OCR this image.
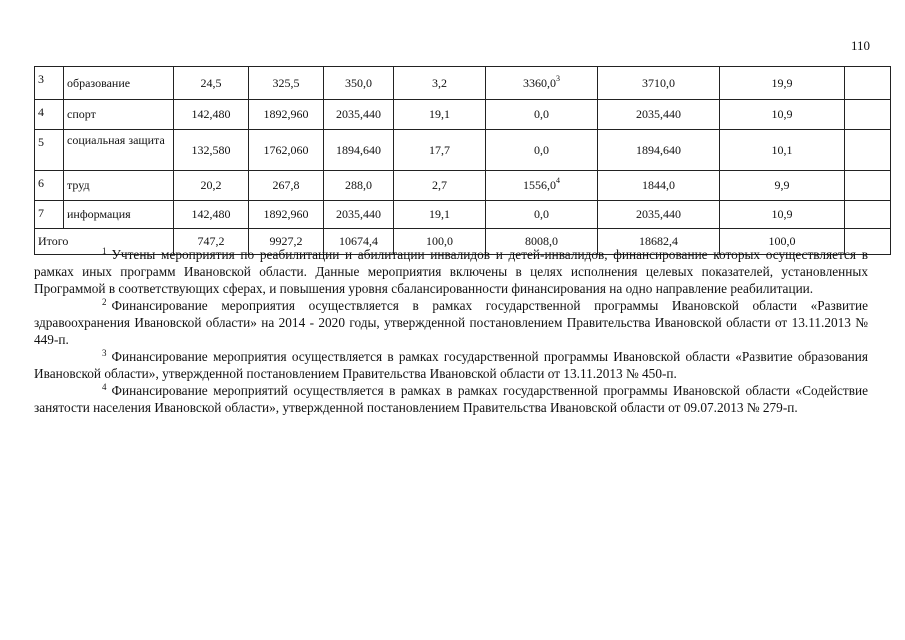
110
3	образование	24,5	325,5	350,0	3,2	3360,0$^3$	3710,0	19,9	
4	спорт	142,480	1892,960	2035,440	19,1	0,0	2035,440	10,9	
5	социальная защита	132,580	1762,060	1894,640	17,7	0,0	1894,640	10,1	
6	труд	20,2	267,8	288,0	2,7	1556,0$^4$	1844,0	9,9	
7	информация	142,480	1892,960	2035,440	19,1	0,0	2035,440	10,9	
Итого		747,2	9927,2	10674,4	100,0	8008,0	18682,4	100,0	

$^1$ Учтены мероприятия по реабилитации и абилитации инвалидов и детей-инвалидов, финансирование которых осуществляется в рамках иных программ Ивановской области. Данные мероприятия включены в целях исполнения целевых показателей, установленных Программой в соответствующих сферах, и повышения уровня сбалансированности финансирования на одно направление реабилитации.

$^2$ Финансирование мероприятия осуществляется в рамках государственной программы Ивановской области «Развитие здравоохранения Ивановской области» на 2014 - 2020 годы, утвержденной постановлением Правительства Ивановской области от 13.11.2013 № 449-п.

$^3$ Финансирование мероприятия осуществляется в рамках государственной программы Ивановской области «Развитие образования Ивановской области», утвержденной постановлением Правительства Ивановской области от 13.11.2013 № 450-п.

$^4$ Финансирование мероприятий осуществляется в рамках в рамках государственной программы Ивановской области «Содействие занятости населения Ивановской области», утвержденной постановлением Правительства Ивановской области от 09.07.2013 № 279-п.
